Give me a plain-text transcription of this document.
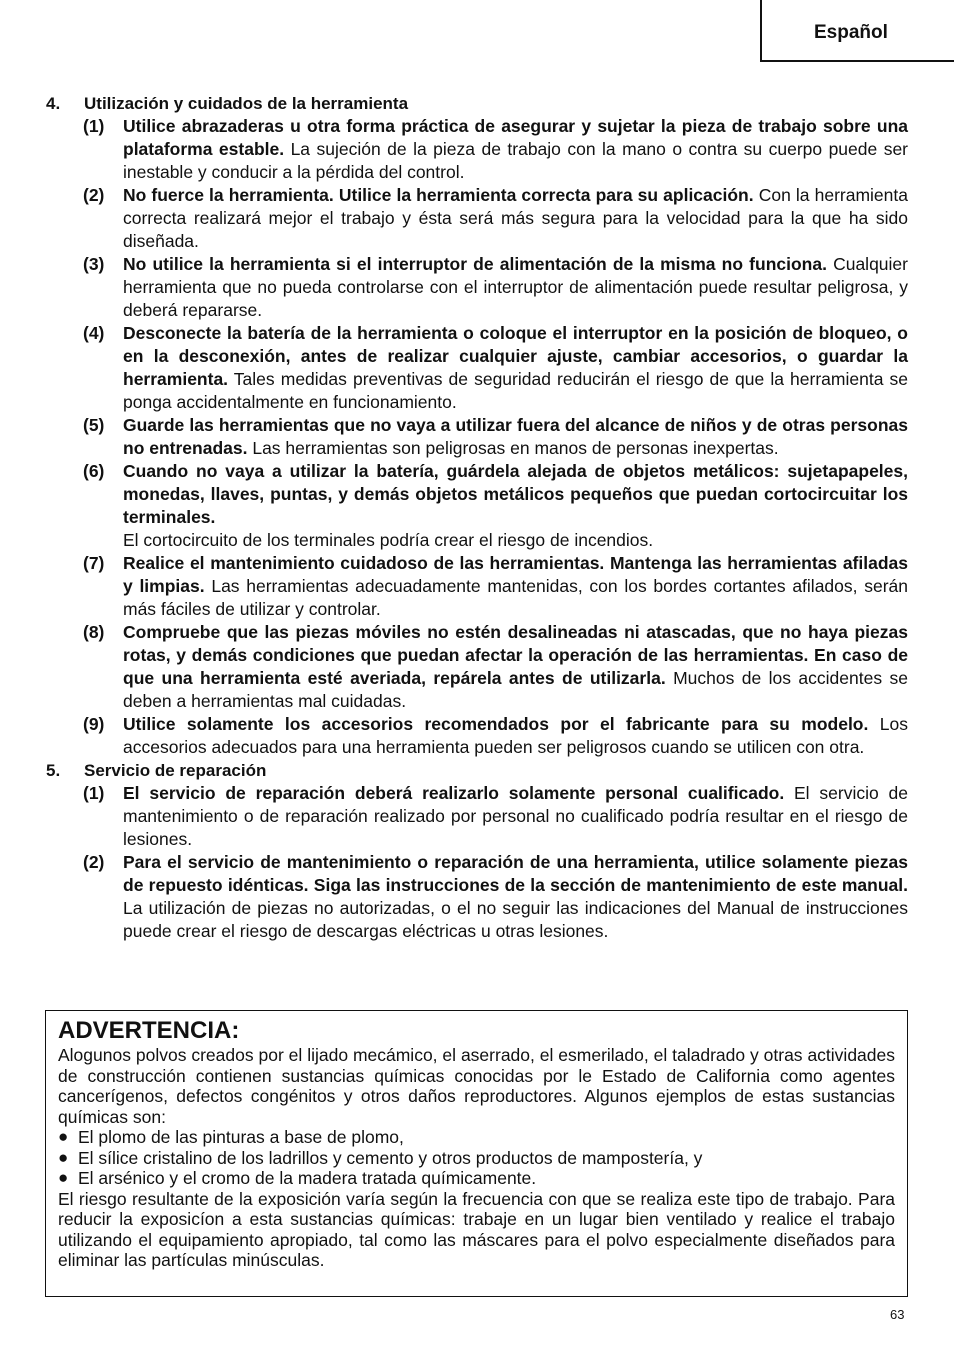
Español
4.	Utilización y cuidados de la herramienta
(1)	Utilice abrazaderas u otra forma práctica de asegurar y sujetar la pieza de trabajo sobre una plataforma estable. La sujeción de la pieza de trabajo con la mano o contra su cuerpo puede ser inestable y conducir a la pérdida del control.
(2)	No fuerce la herramienta. Utilice la herramienta correcta para su aplicación. Con la herramienta correcta realizará mejor el trabajo y ésta será más segura para la velocidad para la que ha sido diseñada.
(3)	No utilice la herramienta si el interruptor de alimentación de la misma no funciona. Cualquier herramienta que no pueda controlarse con el interruptor de alimentación puede resultar peligrosa, y deberá repararse.
(4)	Desconecte la batería de la herramienta o coloque el interruptor en la posición de bloqueo, o en la desconexión, antes de realizar cualquier ajuste, cambiar accesorios, o guardar la herramienta. Tales medidas preventivas de seguridad reducirán el riesgo de que la herramienta se ponga accidentalmente en funcionamiento.
(5)	Guarde las herramientas que no vaya a utilizar fuera del alcance de niños y de otras personas no entrenadas. Las herramientas son peligrosas en manos de personas inexpertas.
(6)	Cuando no vaya a utilizar la batería, guárdela alejada de objetos metálicos: sujetapapeles, monedas, llaves, puntas, y demás objetos metálicos pequeños que puedan cortocircuitar los terminales.
El cortocircuito de los terminales podría crear el riesgo de incendios.
(7)	Realice el mantenimiento cuidadoso de las herramientas. Mantenga las herramientas afiladas y limpias. Las herramientas adecuadamente mantenidas, con los bordes cortantes afilados, serán más fáciles de utilizar y controlar.
(8)	Compruebe que las piezas móviles no estén desalineadas ni atascadas, que no haya piezas rotas, y demás condiciones que puedan afectar la operación de las herramientas. En caso de que una herramienta esté averiada, repárela antes de utilizarla. Muchos de los accidentes se deben a herramientas mal cuidadas.
(9)	Utilice solamente los accesorios recomendados por el fabricante para su modelo. Los accesorios adecuados para una herramienta pueden ser peligrosos cuando se utilicen con otra.
5.	Servicio de reparación
(1)	El servicio de reparación deberá realizarlo solamente personal cualificado. El servicio de mantenimiento o de reparación realizado por personal no cualificado podría resultar en el riesgo de lesiones.
(2)	Para el servicio de mantenimiento o reparación de una herramienta, utilice solamente piezas de repuesto idénticas. Siga las instrucciones de la sección de mantenimiento de este manual. La utilización de piezas no autorizadas, o el no seguir las indicaciones del Manual de instrucciones puede crear el riesgo de descargas eléctricas u otras lesiones.
ADVERTENCIA:
Alogunos polvos creados por el lijado mecámico, el aserrado, el esmerilado, el taladrado y otras actividades de construcción contienen sustancias químicas conocidas por le Estado de California como agentes cancerígenos, defectos congénitos y otros daños reproductores. Algunos ejemplos de estas sustancias químicas son:
● El plomo de las pinturas a base de plomo,
● El sílice cristalino de los ladrillos y cemento y otros productos de mampostería, y
● El arsénico y el cromo de la madera tratada químicamente.
El riesgo resultante de la exposición varía según la frecuencia con que se realiza este tipo de trabajo. Para reducir la exposicíon a esta sustancias químicas: trabaje en un lugar bien ventilado y realice el trabajo utilizando el equipamiento apropiado, tal como las máscares para el polvo especialmente diseñados para eliminar las partículas minúsculas.
63
